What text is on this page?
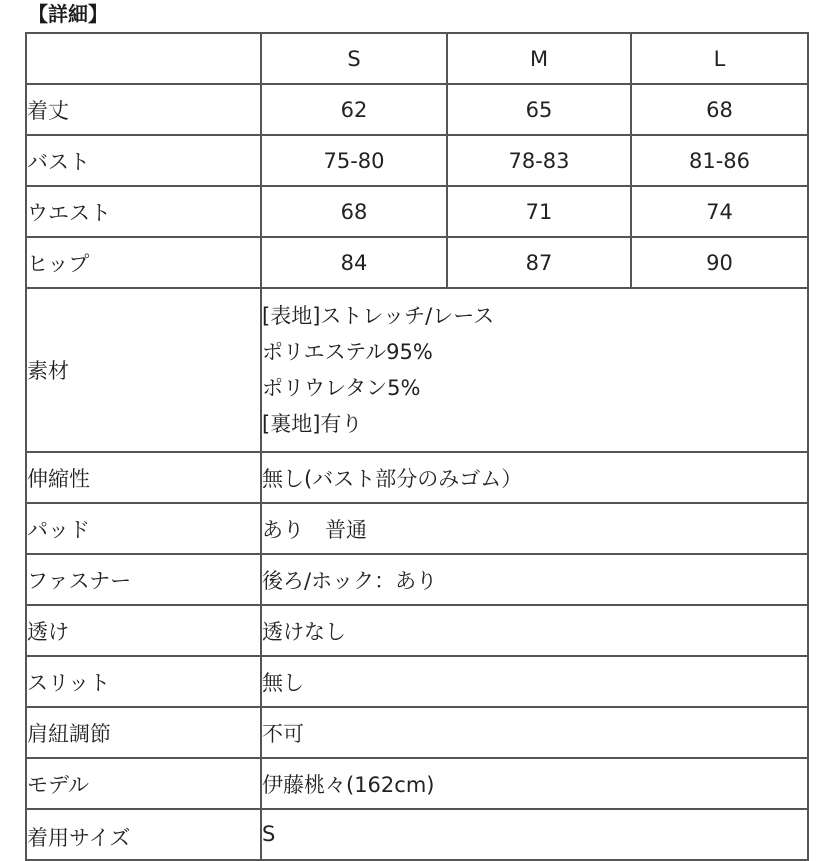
【詳細】
	S	M	L
着丈	62	65	68
バスト	75-80	78-83	81-86
ウエスト	68	71	74
ヒップ	84	87	90
素材	[表地]ストレッチ/レース
ポリエステル95%
ポリウレタン5%
[裏地]有り		

伸縮性	無し(バスト部分のみゴム）		
パッド	あり　普通		
ファスナー	後ろ/ホック：あり		
透け	透けなし		
スリット	無し		
肩紐調節	不可		
モデル	伊藤桃々(162cm)		
着用サイズ	S		
